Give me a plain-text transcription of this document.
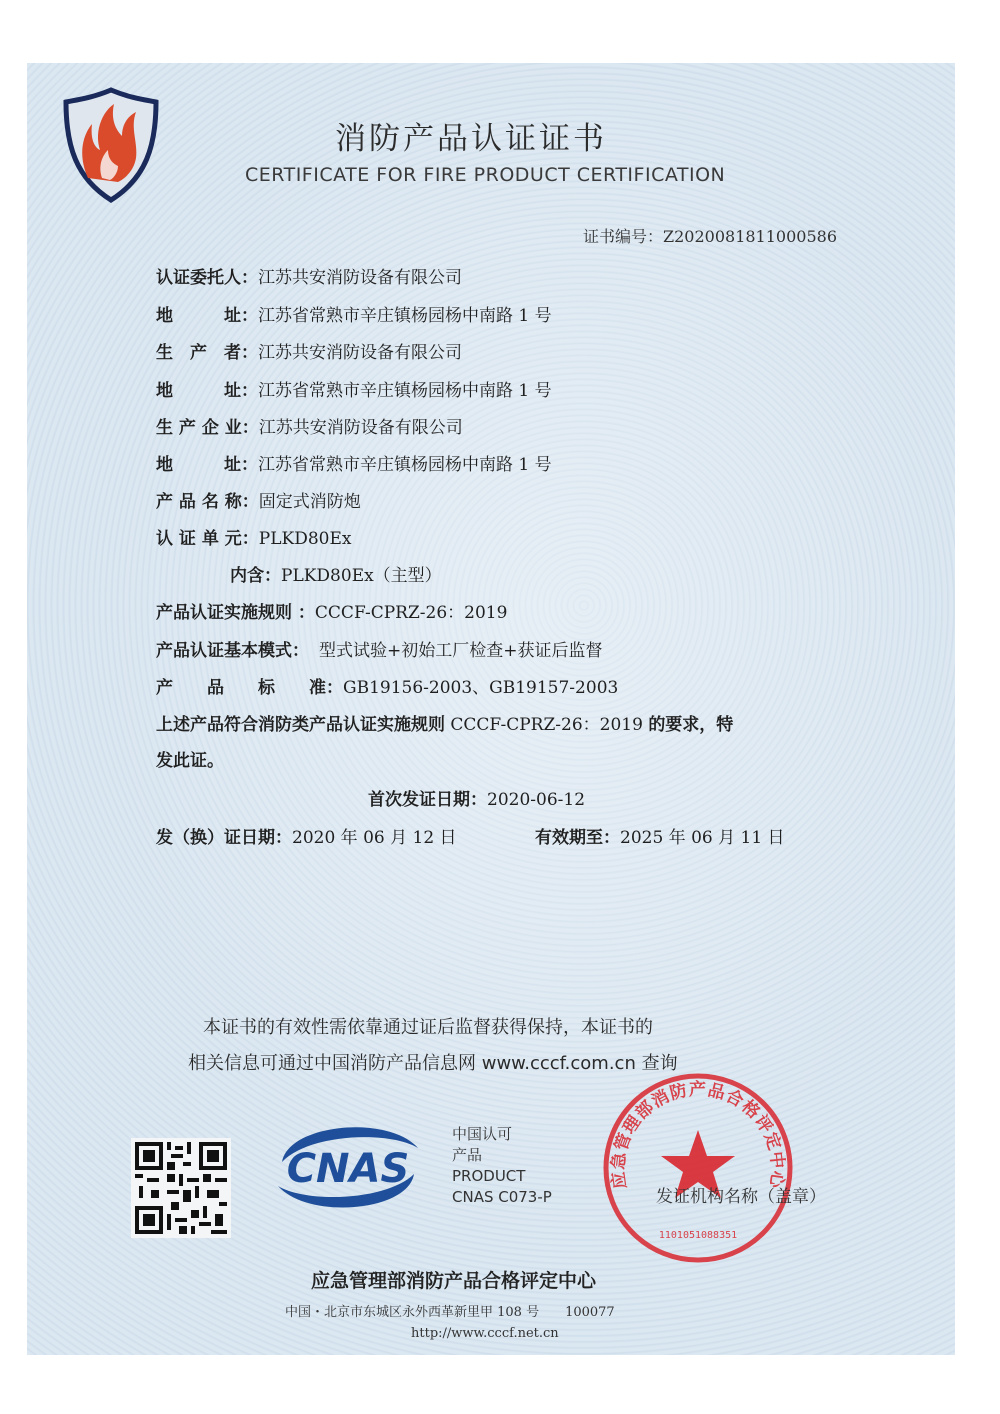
消防产品认证证书
CERTIFICATE FOR FIRE PRODUCT CERTIFICATION
证书编号：Z2020081811000586
认证委托人：江苏共安消防设备有限公司
地　　　址：江苏省常熟市辛庄镇杨园杨中南路 1 号
生　产　者：江苏共安消防设备有限公司
地　　　址：江苏省常熟市辛庄镇杨园杨中南路 1 号
生 产 企 业：江苏共安消防设备有限公司
地　　　址：江苏省常熟市辛庄镇杨园杨中南路 1 号
产 品 名 称：固定式消防炮
认 证 单 元：PLKD80Ex
内含：PLKD80Ex（主型）
产品认证实施规则 ：CCCF-CPRZ-26：2019
产品认证基本模式： 型式试验+初始工厂检查+获证后监督
产　　品　　标　　准：GB19156-2003、GB19157-2003
上述产品符合消防类产品认证实施规则 CCCF-CPRZ-26：2019 的要求，特
发此证。
首次发证日期：2020-06-12
发（换）证日期：2020 年 06 月 12 日	有效期至：2025 年 06 月 11 日
本证书的有效性需依靠通过证后监督获得保持，本证书的
相关信息可通过中国消防产品信息网 www.cccf.com.cn 查询
CNAS
中国认可
产品
PRODUCT
CNAS C073-P
应急管理部消防产品合格评定中心
1101051088351
发证机构名称（盖章）
应急管理部消防产品合格评定中心
中国・北京市东城区永外西革新里甲 108 号　　100077
http://www.cccf.net.cn
